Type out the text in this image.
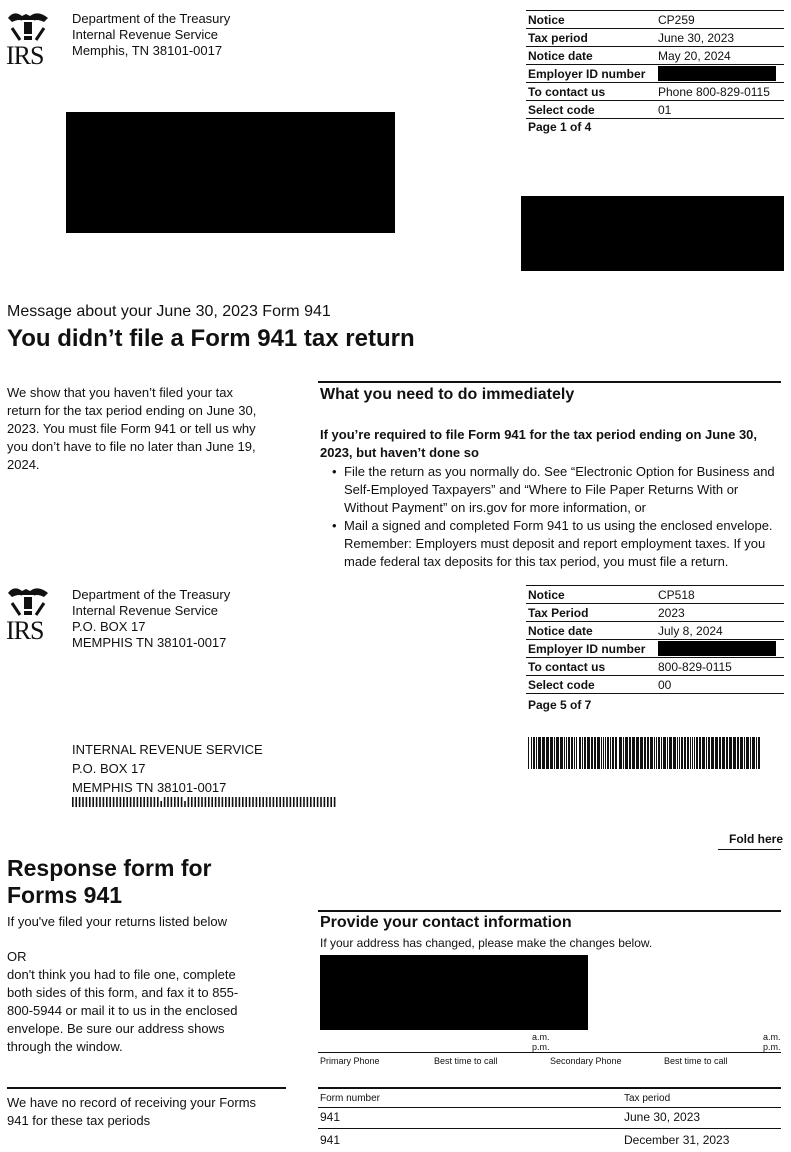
IRS
Department of the Treasury
Internal Revenue Service
Memphis, TN 38101-0017
Notice	CP259
Tax period	June 30, 2023
Notice date	May 20, 2024
Employer ID number	

To contact us	Phone 800-829-0115
Select code	01
Page 1 of 4
Message about your June 30, 2023 Form 941
You didn’t file a Form 941 tax return
We show that you haven’t filed your tax return for the tax period ending on June 30, 2023. You must file Form 941 or tell us why you don’t have to file no later than June 19, 2024.
What you need to do immediately
If you’re required to file Form 941 for the tax period ending on June 30, 2023, but haven’t done so
• File the return as you normally do. See “Electronic Option for Business and Self-Employed Taxpayers” and “Where to File Paper Returns With or Without Payment” on irs.gov for more information, or
• Mail a signed and completed Form 941 to us using the enclosed envelope. Remember: Employers must deposit and report employment taxes. If you made federal tax deposits for this tax period, you must file a return.
IRS
Department of the Treasury
Internal Revenue Service
P.O. BOX 17
MEMPHIS TN 38101-0017
Notice	CP518
Tax Period	2023
Notice date	July 8, 2024
Employer ID number	

To contact us	800-829-0115
Select code	00
Page 5 of 7
INTERNAL REVENUE SERVICE
P.O. BOX 17
MEMPHIS TN 38101-0017
Fold here
Response form for
Forms 941
If you've filed your returns listed below
OR
don't think you had to file one, complete both sides of this form, and fax it to 855-800-5944 or mail it to us in the enclosed envelope. Be sure our address shows through the window.
Provide your contact information
If your address has changed, please make the changes below.
a.m.
p.m.
a.m.
p.m.
Primary Phone	Best time to call	Secondary Phone	Best time to call
We have no record of receiving your Forms 941 for these tax periods
Form number	Tax period
941	June 30, 2023
941	December 31, 2023
